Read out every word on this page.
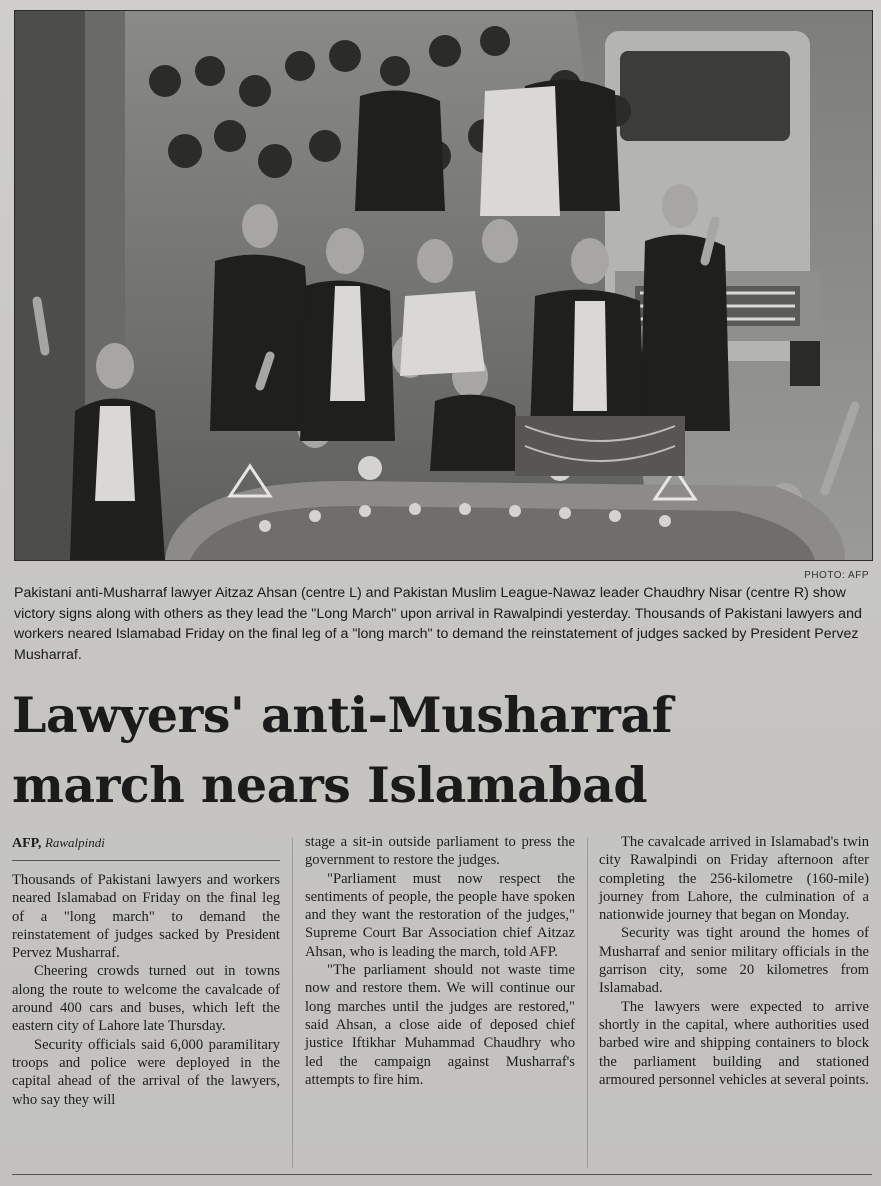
PHOTO: AFP

Pakistani anti-Musharraf lawyer Aitzaz Ahsan (centre L) and Pakistan Muslim League-Nawaz leader Chaudhry Nisar (centre R) show victory signs along with others as they lead the "Long March" upon arrival in Rawalpindi yesterday. Thousands of Pakistani lawyers and workers neared Islamabad Friday on the final leg of a "long march" to demand the reinstatement of judges sacked by President Pervez Musharraf.

Lawyers' anti-Musharraf
march nears Islamabad
AFP, Rawalpindi

Thousands of Pakistani lawyers and workers neared Islamabad on Friday on the final leg of a "long march" to demand the reinstatement of judges sacked by President Pervez Musharraf.

Cheering crowds turned out in towns along the route to welcome the cavalcade of around 400 cars and buses, which left the eastern city of Lahore late Thursday.

Security officials said 6,000 paramilitary troops and police were deployed in the capital ahead of the arrival of the lawyers, who say they will

stage a sit-in outside parliament to press the government to restore the judges.

"Parliament must now respect the sentiments of people, the people have spoken and they want the restoration of the judges," Supreme Court Bar Association chief Aitzaz Ahsan, who is leading the march, told AFP.

"The parliament should not waste time now and restore them. We will continue our long marches until the judges are restored," said Ahsan, a close aide of deposed chief justice Iftikhar Muhammad Chaudhry who led the campaign against Musharraf's attempts to fire him.

The cavalcade arrived in Islamabad's twin city Rawalpindi on Friday afternoon after completing the 256-kilometre (160-mile) journey from Lahore, the culmination of a nationwide journey that began on Monday.

Security was tight around the homes of Musharraf and senior military officials in the garrison city, some 20 kilometres from Islamabad.

The lawyers were expected to arrive shortly in the capital, where authorities used barbed wire and shipping containers to block the parliament building and stationed armoured personnel vehicles at several points.
